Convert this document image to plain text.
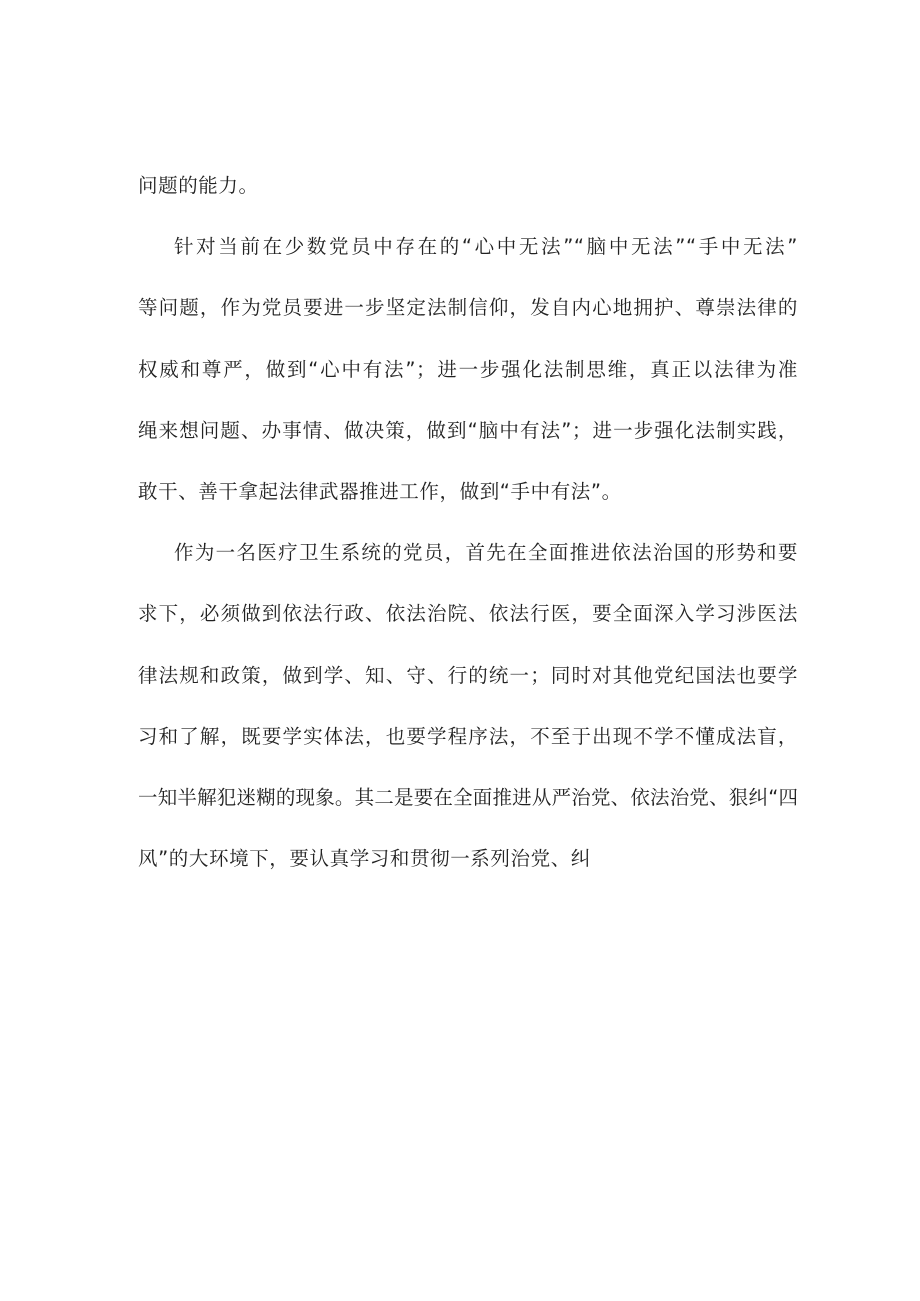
问题的能力。
针对当前在少数党员中存在的“心中无法”“脑中无法”“手中无法”
等问题，作为党员要进一步坚定法制信仰，发自内心地拥护、尊崇法律的
权威和尊严，做到“心中有法”；进一步强化法制思维，真正以法律为准
绳来想问题、办事情、做决策，做到“脑中有法”；进一步强化法制实践，
敢干、善干拿起法律武器推进工作，做到“手中有法”。
作为一名医疗卫生系统的党员，首先在全面推进依法治国的形势和要
求下，必须做到依法行政、依法治院、依法行医，要全面深入学习涉医法
律法规和政策，做到学、知、守、行的统一；同时对其他党纪国法也要学
习和了解，既要学实体法，也要学程序法，不至于出现不学不懂成法盲，
一知半解犯迷糊的现象。其二是要在全面推进从严治党、依法治党、狠纠“四
风”的大环境下，要认真学习和贯彻一系列治党、纠
